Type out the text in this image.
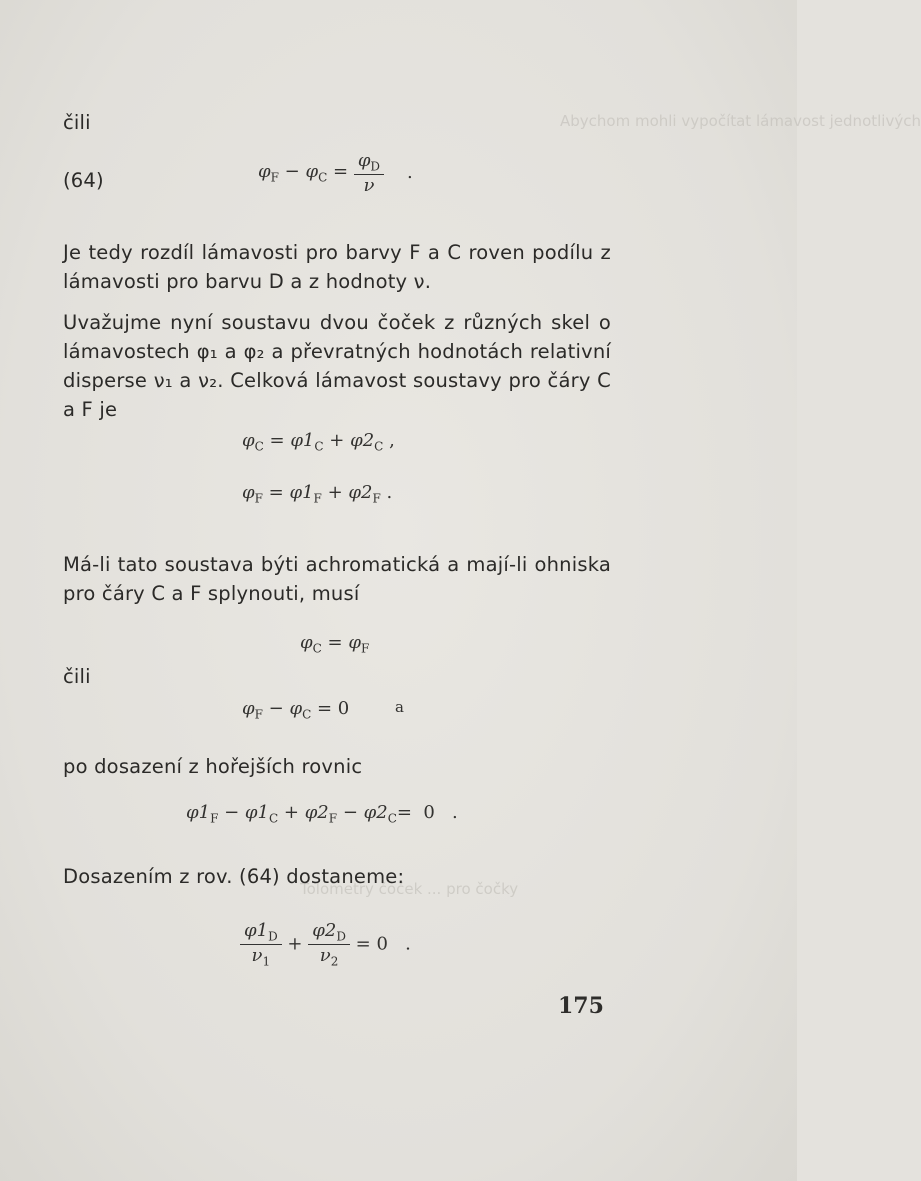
Abychom mohli vypočítat lámavost jednotlivých
Tolometry čoček ... pro čočky
čili
(64)	$\varphi_F - \varphi_C = \frac{\varphi_D}{\nu}$ .
Je tedy rozdíl lámavosti pro barvy F a C roven podílu z lámavosti pro barvu D a z hodnoty ν.
Uvažujme nyní soustavu dvou čoček z různých skel o lámavostech φ₁ a φ₂ a převratných hodnotách relativní disperse ν₁ a ν₂. Celková lámavost soustavy pro čáry C a F je
$\varphi_C = \varphi 1_C + \varphi 2_C$ ,
$\varphi_F = \varphi 1_F + \varphi 2_F$ .
Má-li tato soustava býti achromatická a mají-li ohniska pro čáry C a F splynouti, musí
$\varphi_C = \varphi_F$
čili
$\varphi_F - \varphi_C = 0$	a
po dosazení z hořejších rovnic
$\varphi 1_F - \varphi 1_C + \varphi 2_F - \varphi 2_C= 0$   .
Dosazením z rov. (64) dostaneme:
$\frac{\varphi 1_D}{\nu_1} + \frac{\varphi 2_D}{\nu_2} = 0$   .
175
